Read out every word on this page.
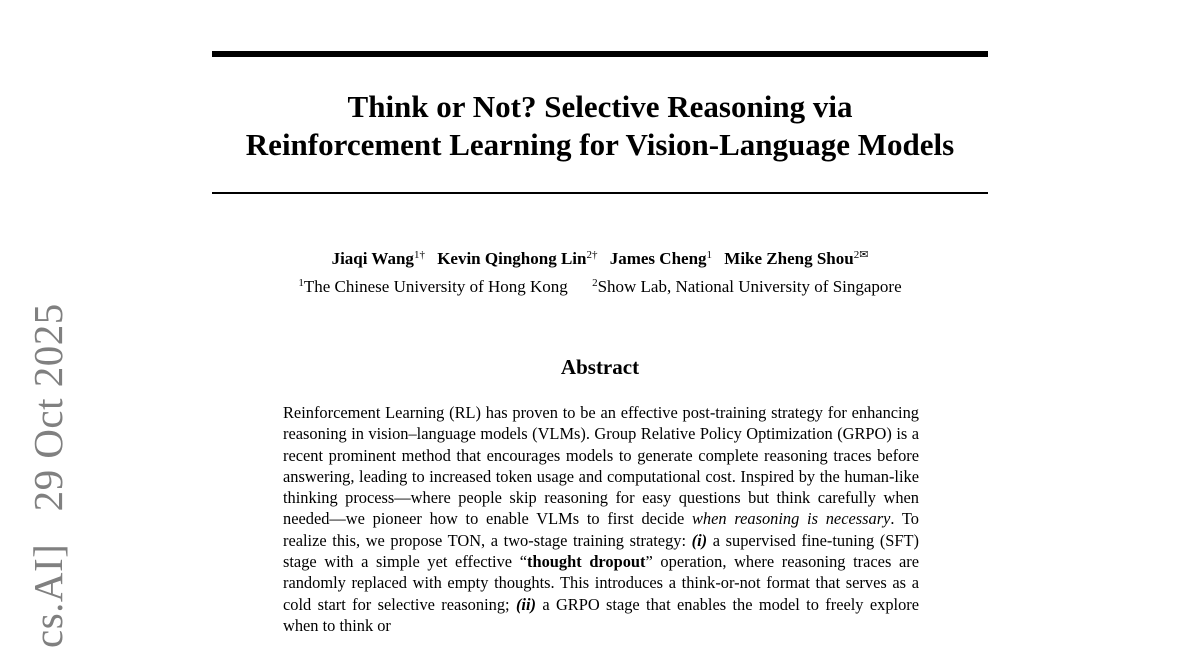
Think or Not? Selective Reasoning via
Reinforcement Learning for Vision-Language Models
Jiaqi Wang$^{1\dagger}$ Kevin Qinghong Lin$^{2\dagger}$ James Cheng$^1$ Mike Zheng Shou$^{2✉}$
$^1$The Chinese University of Hong Kong $^2$Show Lab, National University of Singapore
Abstract

Reinforcement Learning (RL) has proven to be an effective post-training strategy for enhancing reasoning in vision–language models (VLMs). Group Relative Policy Optimization (GRPO) is a recent prominent method that encourages models to generate complete reasoning traces before answering, leading to increased token usage and computational cost. Inspired by the human-like thinking process—where people skip reasoning for easy questions but think carefully when needed—we pioneer how to enable VLMs to first decide when reasoning is necessary. To realize this, we propose TON, a two-stage training strategy: (i) a supervised fine-tuning (SFT) stage with a simple yet effective “thought dropout” operation, where reasoning traces are randomly replaced with empty thoughts. This introduces a think-or-not format that serves as a cold start for selective reasoning; (ii) a GRPO stage that enables the model to freely explore when to think or

cs.AI]   29 Oct 2025
